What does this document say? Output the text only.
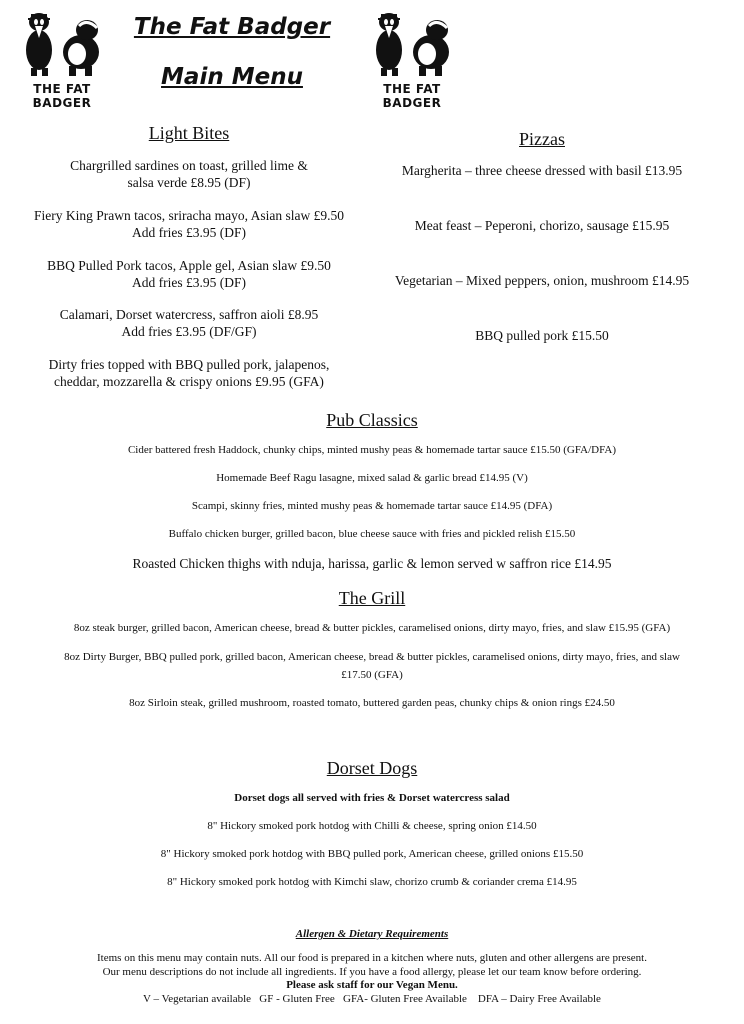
THE FAT BADGER
The Fat Badger
Main Menu	THE FAT BADGER
Light Bites
Chargrilled sardines on toast, grilled lime &
salsa verde £8.95 (DF)
Fiery King Prawn tacos, sriracha mayo, Asian slaw £9.50
Add fries £3.95 (DF)
BBQ Pulled Pork tacos, Apple gel, Asian slaw £9.50
Add fries £3.95 (DF)
Calamari, Dorset watercress, saffron aioli £8.95
Add fries £3.95 (DF/GF)
Dirty fries topped with BBQ pulled pork, jalapenos,
cheddar, mozzarella & crispy onions £9.95 (GFA)
Pizzas
Margherita – three cheese dressed with basil £13.95
Meat feast – Peperoni, chorizo, sausage £15.95
Vegetarian – Mixed peppers, onion, mushroom £14.95
BBQ pulled pork £15.50
Pub Classics
Cider battered fresh Haddock, chunky chips, minted mushy peas & homemade tartar sauce £15.50 (GFA/DFA)
Homemade Beef Ragu lasagne, mixed salad & garlic bread £14.95 (V)
Scampi, skinny fries, minted mushy peas & homemade tartar sauce £14.95 (DFA)
Buffalo chicken burger, grilled bacon, blue cheese sauce with fries and pickled relish £15.50
Roasted Chicken thighs with nduja, harissa, garlic & lemon served w saffron rice £14.95
The Grill
8oz steak burger, grilled bacon, American cheese, bread & butter pickles, caramelised onions, dirty mayo, fries, and slaw £15.95 (GFA)
8oz Dirty Burger, BBQ pulled pork, grilled bacon, American cheese, bread & butter pickles, caramelised onions, dirty mayo, fries, and slaw
£17.50 (GFA)
8oz Sirloin steak, grilled mushroom, roasted tomato, buttered garden peas, chunky chips & onion rings £24.50
Dorset Dogs
Dorset dogs all served with fries & Dorset watercress salad
8" Hickory smoked pork hotdog with Chilli & cheese, spring onion £14.50
8" Hickory smoked pork hotdog with BBQ pulled pork, American cheese, grilled onions £15.50
8" Hickory smoked pork hotdog with Kimchi slaw, chorizo crumb & coriander crema £14.95
Allergen & Dietary Requirements
Items on this menu may contain nuts. All our food is prepared in a kitchen where nuts, gluten and other allergens are present.
Our menu descriptions do not include all ingredients. If you have a food allergy, please let our team know before ordering.
Please ask staff for our Vegan Menu.
V – Vegetarian available   GF - Gluten Free   GFA- Gluten Free Available    DFA – Dairy Free Available
